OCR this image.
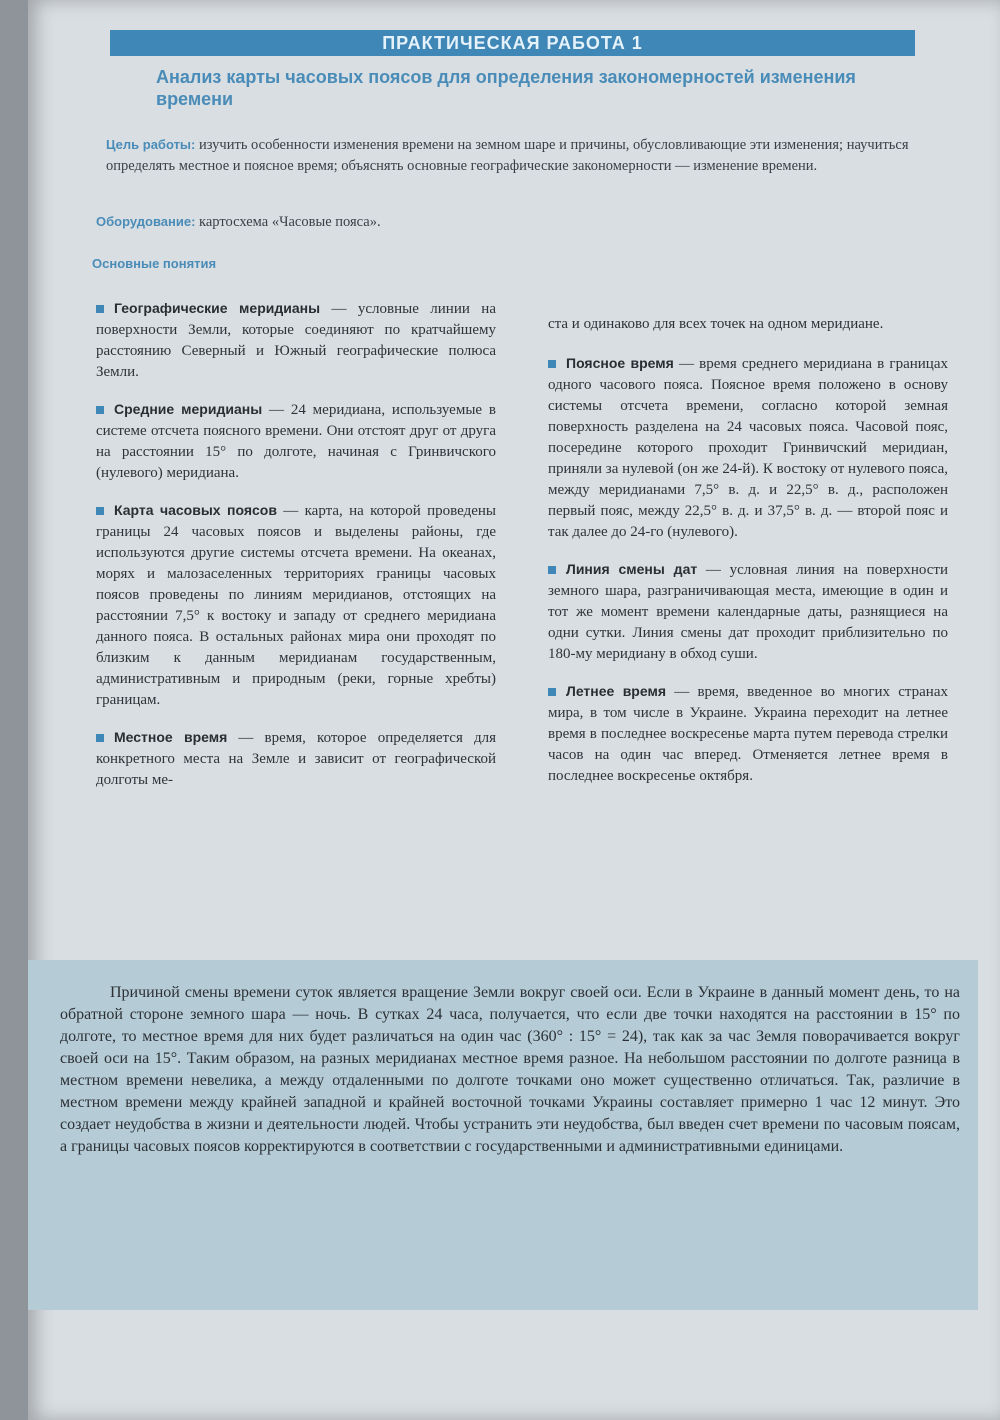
ПРАКТИЧЕСКАЯ РАБОТА 1
Анализ карты часовых поясов для определения закономерностей изменения времени
Цель работы: изучить особенности изменения времени на земном шаре и причины, обусловливающие эти изменения; научиться определять местное и поясное время; объяснять основные географические закономерности — изменение времени.
Оборудование: картосхема «Часовые пояса».
Основные понятия

Географические меридианы — условные линии на поверхности Земли, которые соединяют по кратчайшему расстоянию Северный и Южный географические полюса Земли.

Средние меридианы — 24 меридиана, используемые в системе отсчета поясного времени. Они отстоят друг от друга на расстоянии 15° по долготе, начиная с Гринвичского (нулевого) меридиана.

Карта часовых поясов — карта, на которой проведены границы 24 часовых поясов и выделены районы, где используются другие системы отсчета времени. На океанах, морях и малозаселенных территориях границы часовых поясов проведены по линиям меридианов, отстоящих на расстоянии 7,5° к востоку и западу от среднего меридиана данного пояса. В остальных районах мира они проходят по близким к данным меридианам государственным, административным и природным (реки, горные хребты) границам.

Местное время — время, которое определяется для конкретного места на Земле и зависит от географической долготы ме-

ста и одинаково для всех точек на одном меридиане.

Поясное время — время среднего меридиана в границах одного часового пояса. Поясное время положено в основу системы отсчета времени, согласно которой земная поверхность разделена на 24 часовых пояса. Часовой пояс, посередине которого проходит Гринвичский меридиан, приняли за нулевой (он же 24-й). К востоку от нулевого пояса, между меридианами 7,5° в. д. и 22,5° в. д., расположен первый пояс, между 22,5° в. д. и 37,5° в. д. — второй пояс и так далее до 24-го (нулевого).

Линия смены дат — условная линия на поверхности земного шара, разграничивающая места, имеющие в один и тот же момент времени календарные даты, разнящиеся на одни сутки. Линия смены дат проходит приблизительно по 180-му меридиану в обход суши.

Летнее время — время, введенное во многих странах мира, в том числе в Украине. Украина переходит на летнее время в последнее воскресенье марта путем перевода стрелки часов на один час вперед. Отменяется летнее время в последнее воскресенье октября.

Причиной смены времени суток является вращение Земли вокруг своей оси. Если в Украине в данный момент день, то на обратной стороне земного шара — ночь. В сутках 24 часа, получается, что если две точки находятся на расстоянии в 15° по долготе, то местное время для них будет различаться на один час (360° : 15° = 24), так как за час Земля поворачивается вокруг своей оси на 15°. Таким образом, на разных меридианах местное время разное. На небольшом расстоянии по долготе разница в местном времени невелика, а между отдаленными по долготе точками оно может существенно отличаться. Так, различие в местном времени между крайней западной и крайней восточной точками Украины составляет примерно 1 час 12 минут. Это создает неудобства в жизни и деятельности людей. Чтобы устранить эти неудобства, был введен счет времени по часовым поясам, а границы часовых поясов корректируются в соответствии с государственными и административными единицами.
